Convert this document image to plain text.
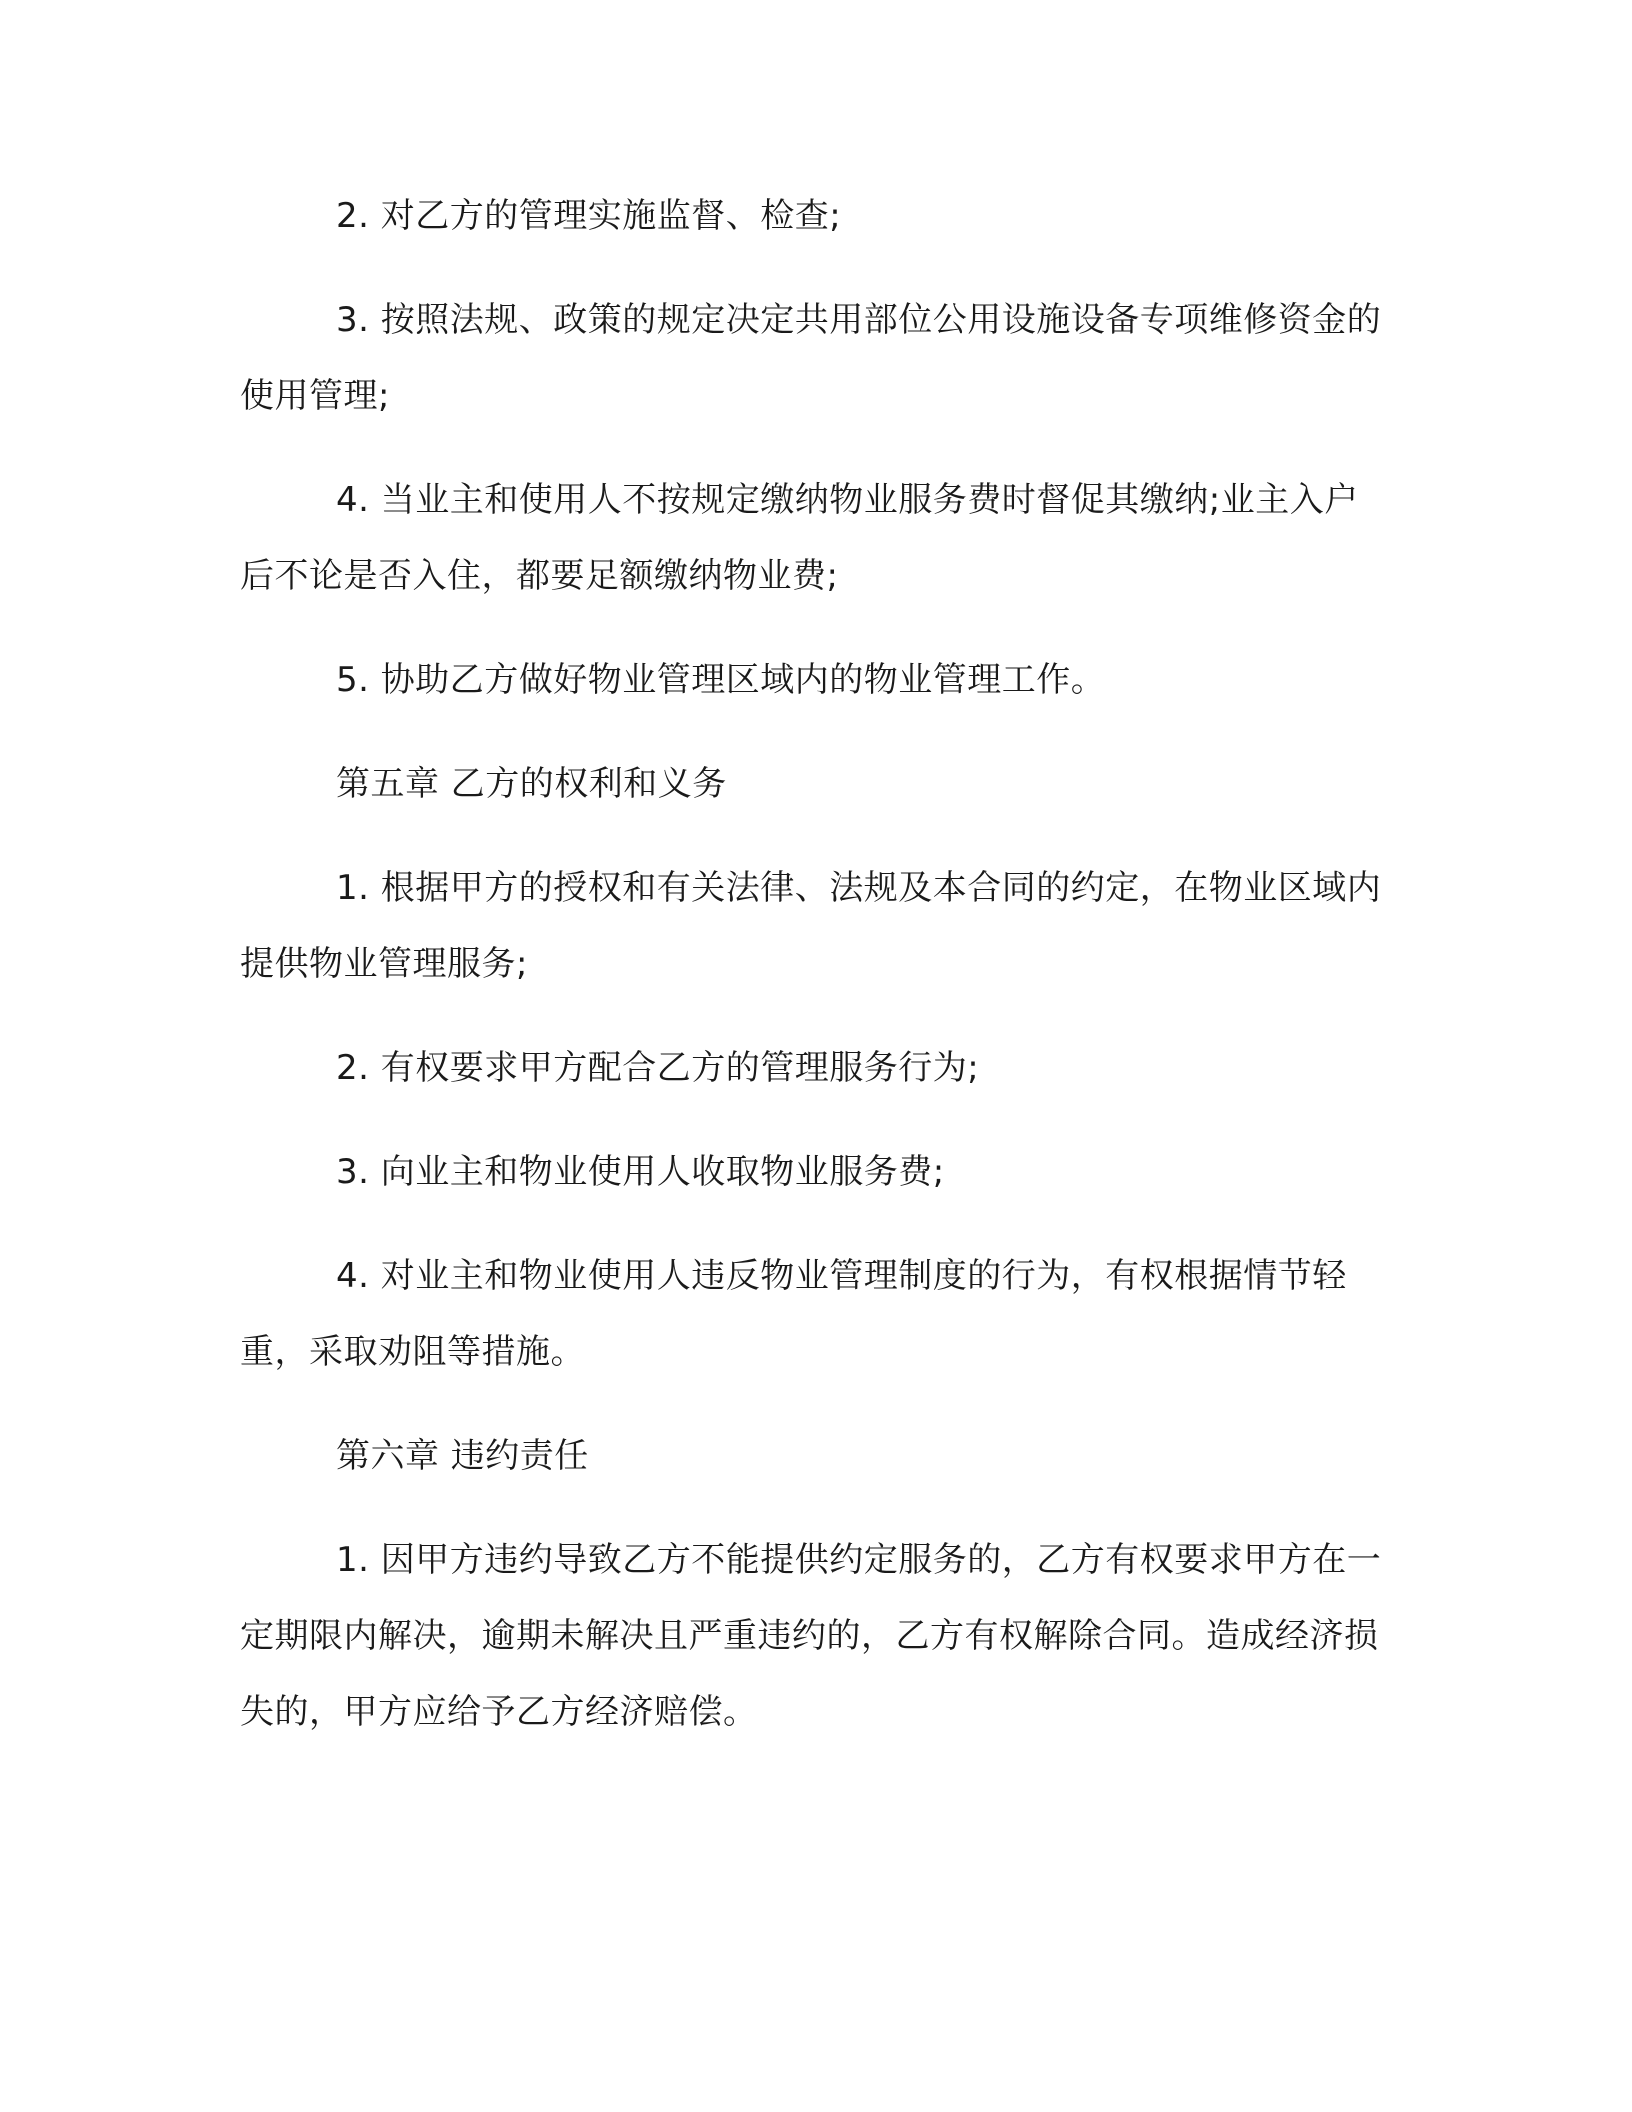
2. 对乙方的管理实施监督、检查;

3. 按照法规、政策的规定决定共用部位公用设施设备专项维修资金的使用管理;

4. 当业主和使用人不按规定缴纳物业服务费时督促其缴纳;业主入户后不论是否入住，都要足额缴纳物业费;

5. 协助乙方做好物业管理区域内的物业管理工作。

第五章 乙方的权利和义务

1. 根据甲方的授权和有关法律、法规及本合同的约定，在物业区域内提供物业管理服务;

2. 有权要求甲方配合乙方的管理服务行为;

3. 向业主和物业使用人收取物业服务费;

4. 对业主和物业使用人违反物业管理制度的行为，有权根据情节轻重，采取劝阻等措施。

第六章 违约责任

1. 因甲方违约导致乙方不能提供约定服务的，乙方有权要求甲方在一定期限内解决，逾期未解决且严重违约的，乙方有权解除合同。造成经济损失的，甲方应给予乙方经济赔偿。
